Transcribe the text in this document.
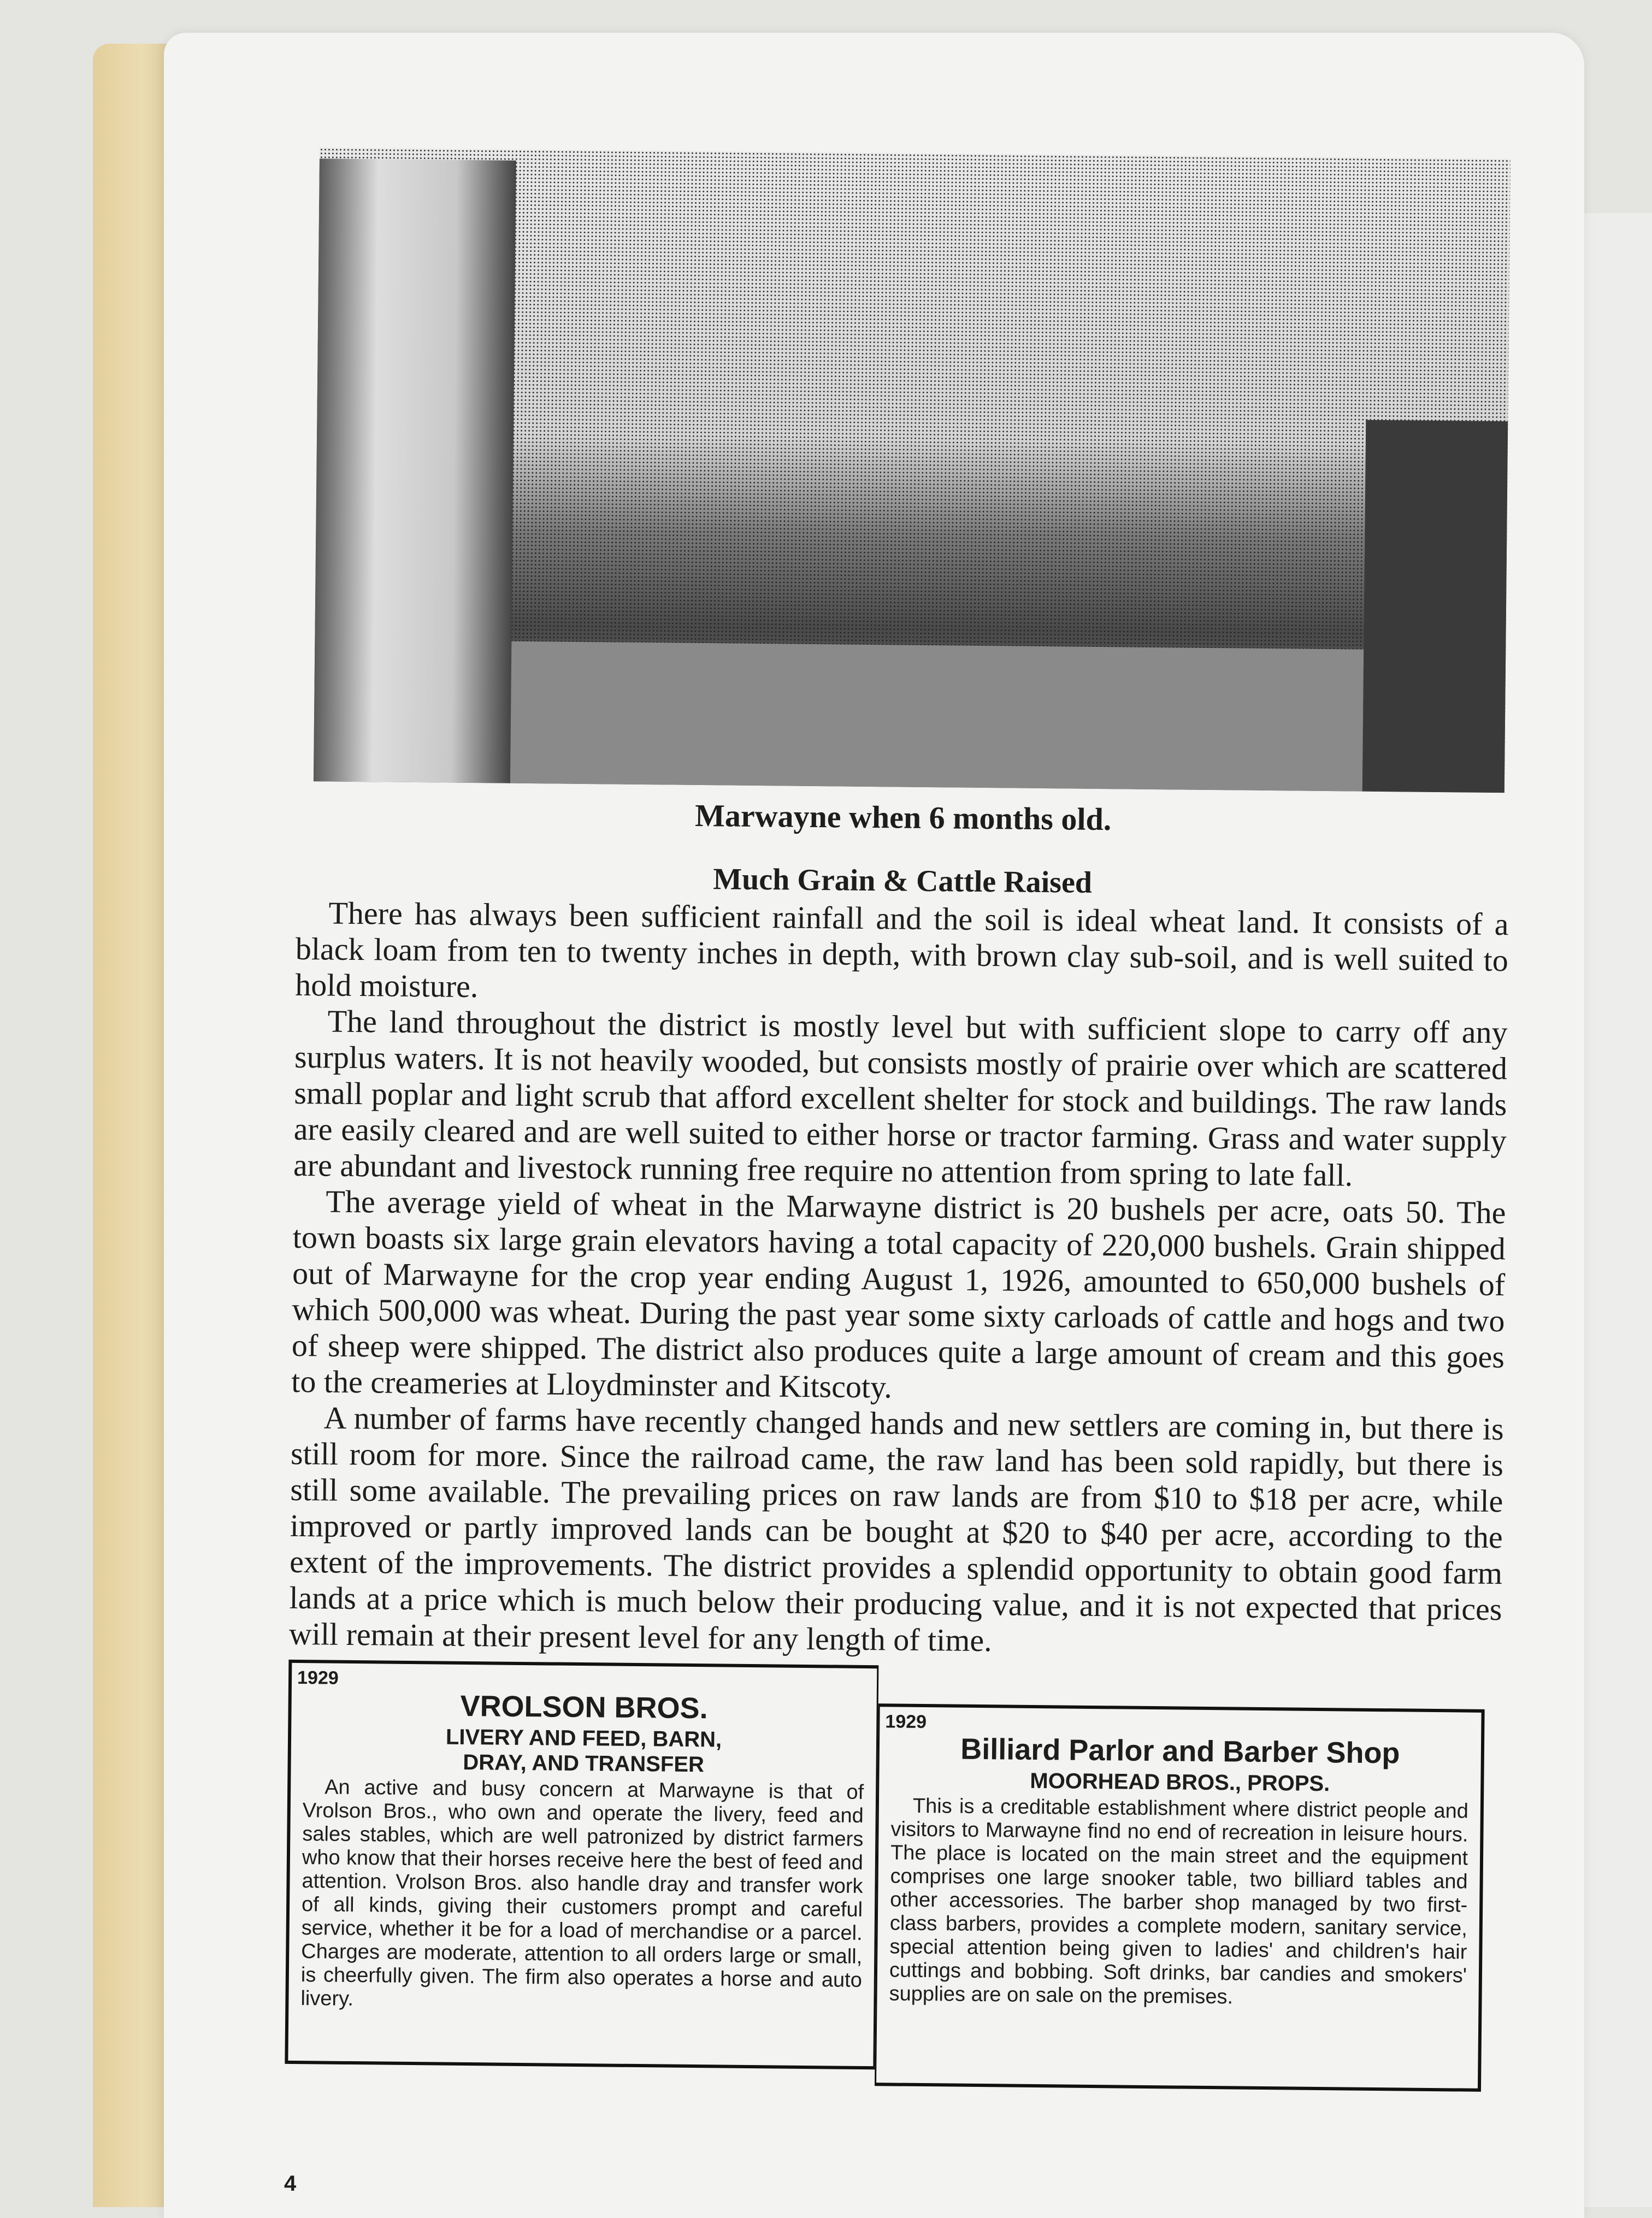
Marwayne when 6 months old.
Much Grain & Cattle Raised

There has always been sufficient rainfall and the soil is ideal wheat land. It consists of a black loam from ten to twenty inches in depth, with brown clay sub-soil, and is well suited to hold moisture.

The land throughout the district is mostly level but with sufficient slope to carry off any surplus waters. It is not heavily wooded, but consists mostly of prairie over which are scattered small poplar and light scrub that afford excellent shelter for stock and buildings. The raw lands are easily cleared and are well suited to either horse or tractor farming. Grass and water supply are abundant and livestock running free require no attention from spring to late fall.

The average yield of wheat in the Marwayne district is 20 bushels per acre, oats 50. The town boasts six large grain elevators having a total capacity of 220,000 bushels. Grain shipped out of Marwayne for the crop year ending August 1, 1926, amounted to 650,000 bushels of which 500,000 was wheat. During the past year some sixty carloads of cattle and hogs and two of sheep were shipped. The district also produces quite a large amount of cream and this goes to the creameries at Lloydminster and Kitscoty.

A number of farms have recently changed hands and new settlers are coming in, but there is still room for more. Since the railroad came, the raw land has been sold rapidly, but there is still some available. The prevailing prices on raw lands are from $10 to $18 per acre, while improved or partly improved lands can be bought at $20 to $40 per acre, according to the extent of the improvements. The district provides a splendid opportunity to obtain good farm lands at a price which is much below their producing value, and it is not expected that prices will remain at their present level for any length of time.

1929
VROLSON BROS.
LIVERY AND FEED, BARN,
DRAY, AND TRANSFER

An active and busy concern at Marwayne is that of Vrolson Bros., who own and operate the livery, feed and sales stables, which are well patronized by district farmers who know that their horses receive here the best of feed and attention. Vrolson Bros. also handle dray and transfer work of all kinds, giving their customers prompt and careful service, whether it be for a load of merchandise or a parcel. Charges are moderate, attention to all orders large or small, is cheerfully given. The firm also operates a horse and auto livery.

1929
Billiard Parlor and Barber Shop
MOORHEAD BROS., PROPS.

This is a creditable establishment where district people and visitors to Marwayne find no end of recreation in leisure hours. The place is located on the main street and the equipment comprises one large snooker table, two billiard tables and other accessories. The barber shop managed by two first-class barbers, provides a complete modern, sanitary service, special attention being given to ladies' and children's hair cuttings and bobbing. Soft drinks, bar candies and smokers' supplies are on sale on the premises.

4
